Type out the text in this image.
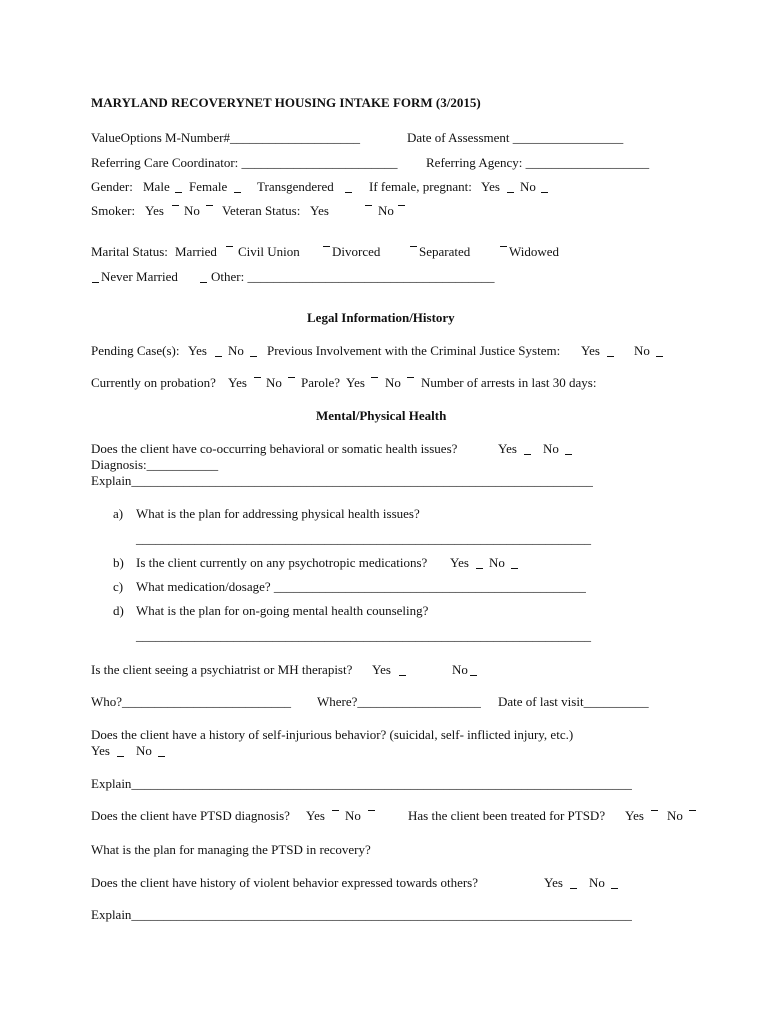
MARYLAND RECOVERYNET HOUSING INTAKE FORM (3/2015)
ValueOptions M-Number#____________________	Date of Assessment _________________
Referring Care Coordinator: ________________________ Referring Agency: ___________________
Gender: Male Female Transgendered	If female, pregnant: Yes No
Smoker: Yes No Veteran Status: Yes	No
Marital Status: Married Civil Union Divorced	Separated	Widowed
Never Married	Other: ______________________________________
Legal Information/History
Pending Case(s): Yes No Previous Involvement with the Criminal Justice System: Yes	No
Currently on probation? Yes No Parole? Yes No Number of arrests in last 30 days:
Mental/Physical Health
Does the client have co-occurring behavioral or somatic health issues?	Yes No
Diagnosis:___________
Explain_______________________________________________________________________
a) What is the plan for addressing physical health issues?
______________________________________________________________________
b) Is the client currently on any psychotropic medications? Yes No
c) What medication/dosage? ________________________________________________
d) What is the plan for on-going mental health counseling?
______________________________________________________________________
Is the client seeing a psychiatrist or MH therapist? Yes	No
Who?__________________________ Where?___________________ Date of last visit__________
Does the client have a history of self-injurious behavior? (suicidal, self- inflicted injury, etc.)
Yes No
Explain_____________________________________________________________________________
Does the client have PTSD diagnosis? Yes No	Has the client been treated for PTSD? Yes No
What is the plan for managing the PTSD in recovery?
Does the client have history of violent behavior expressed towards others?	Yes No
Explain_____________________________________________________________________________
